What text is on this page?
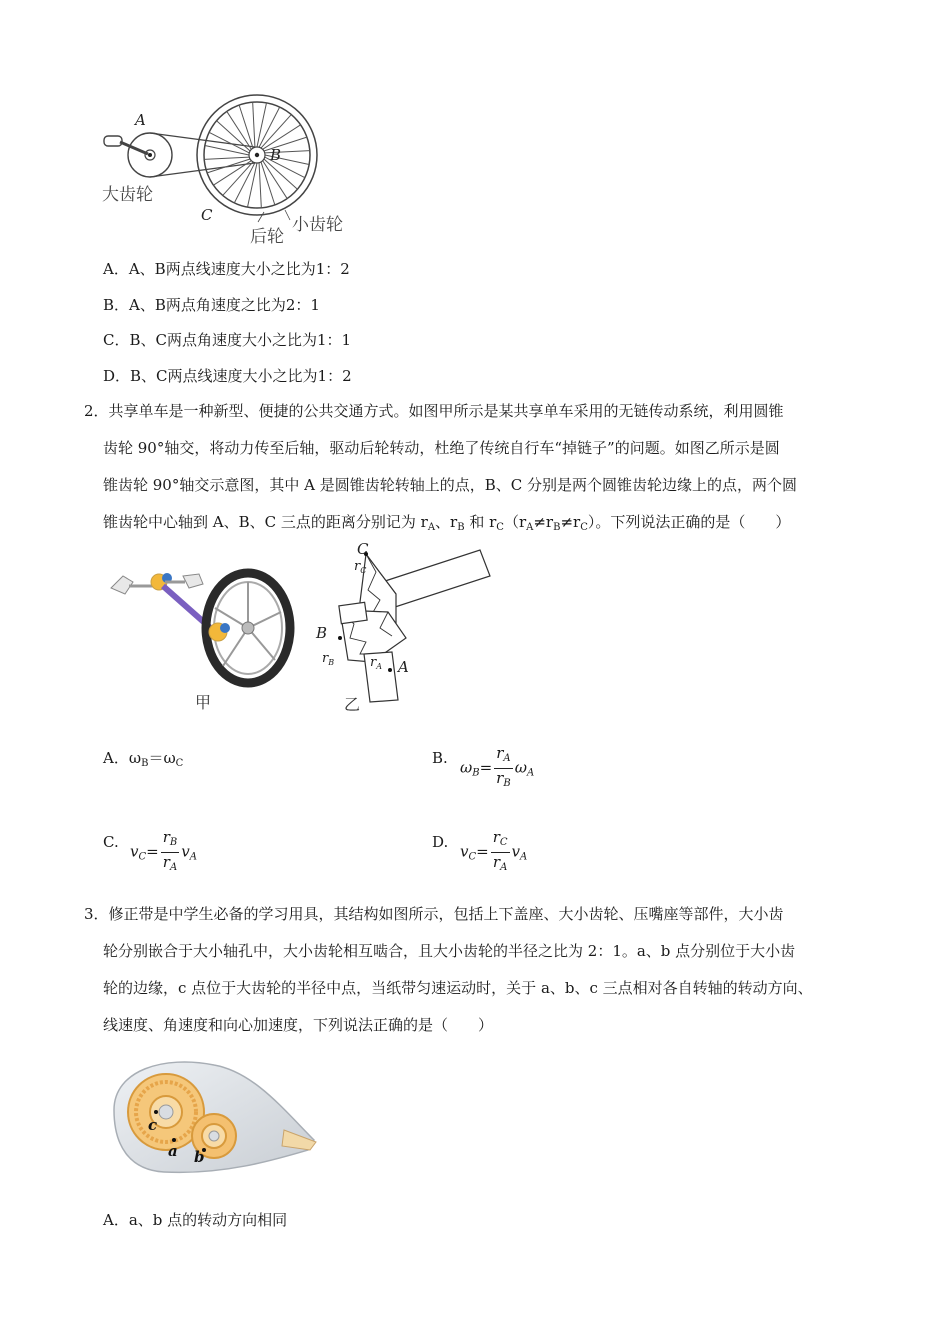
A
B
C
大齿轮
小齿轮
后轮
A．A、B两点线速度大小之比为1：2
B．A、B两点角速度之比为2：1
C．B、C两点角速度大小之比为1：1
D．B、C两点线速度大小之比为1：2
2．共享单车是一种新型、便捷的公共交通方式。如图甲所示是某共享单车采用的无链传动系统，利用圆锥
齿轮 90°轴交，将动力传至后轴，驱动后轮转动，杜绝了传统自行车“掉链子”的问题。如图乙所示是圆
锥齿轮 90°轴交示意图，其中 A 是圆锥齿轮转轴上的点，B、C 分别是两个圆锥齿轮边缘上的点，两个圆
锥齿轮中心轴到 A、B、C 三点的距离分别记为 $r_A$、$r_B$ 和 $r_C(r_A\ne r_B\ne r_C)$。下列说法正确的是（　　）
甲
C
$r_C$
B
$r_B$	$r_A$ A
乙
A．$\omega_B=\omega_C$	B.
$\omega_B= \frac{r_A}{r_B} \omega_A$
C.
$v_C= \frac{r_B}{r_A} v_A$
D.
$v_C= \frac{r_C}{r_A} v_A$
3．修正带是中学生必备的学习用具，其结构如图所示，包括上下盖座、大小齿轮、压嘴座等部件，大小齿
轮分别嵌合于大小轴孔中，大小齿轮相互啮合，且大小齿轮的半径之比为 2：1。a、b 点分别位于大小齿
轮的边缘，c 点位于大齿轮的半径中点，当纸带匀速运动时，关于 a、b、c 三点相对各自转轴的转动方向、
线速度、角速度和向心加速度，下列说法正确的是（　　）
c
a b
A．a、b 点的转动方向相同
